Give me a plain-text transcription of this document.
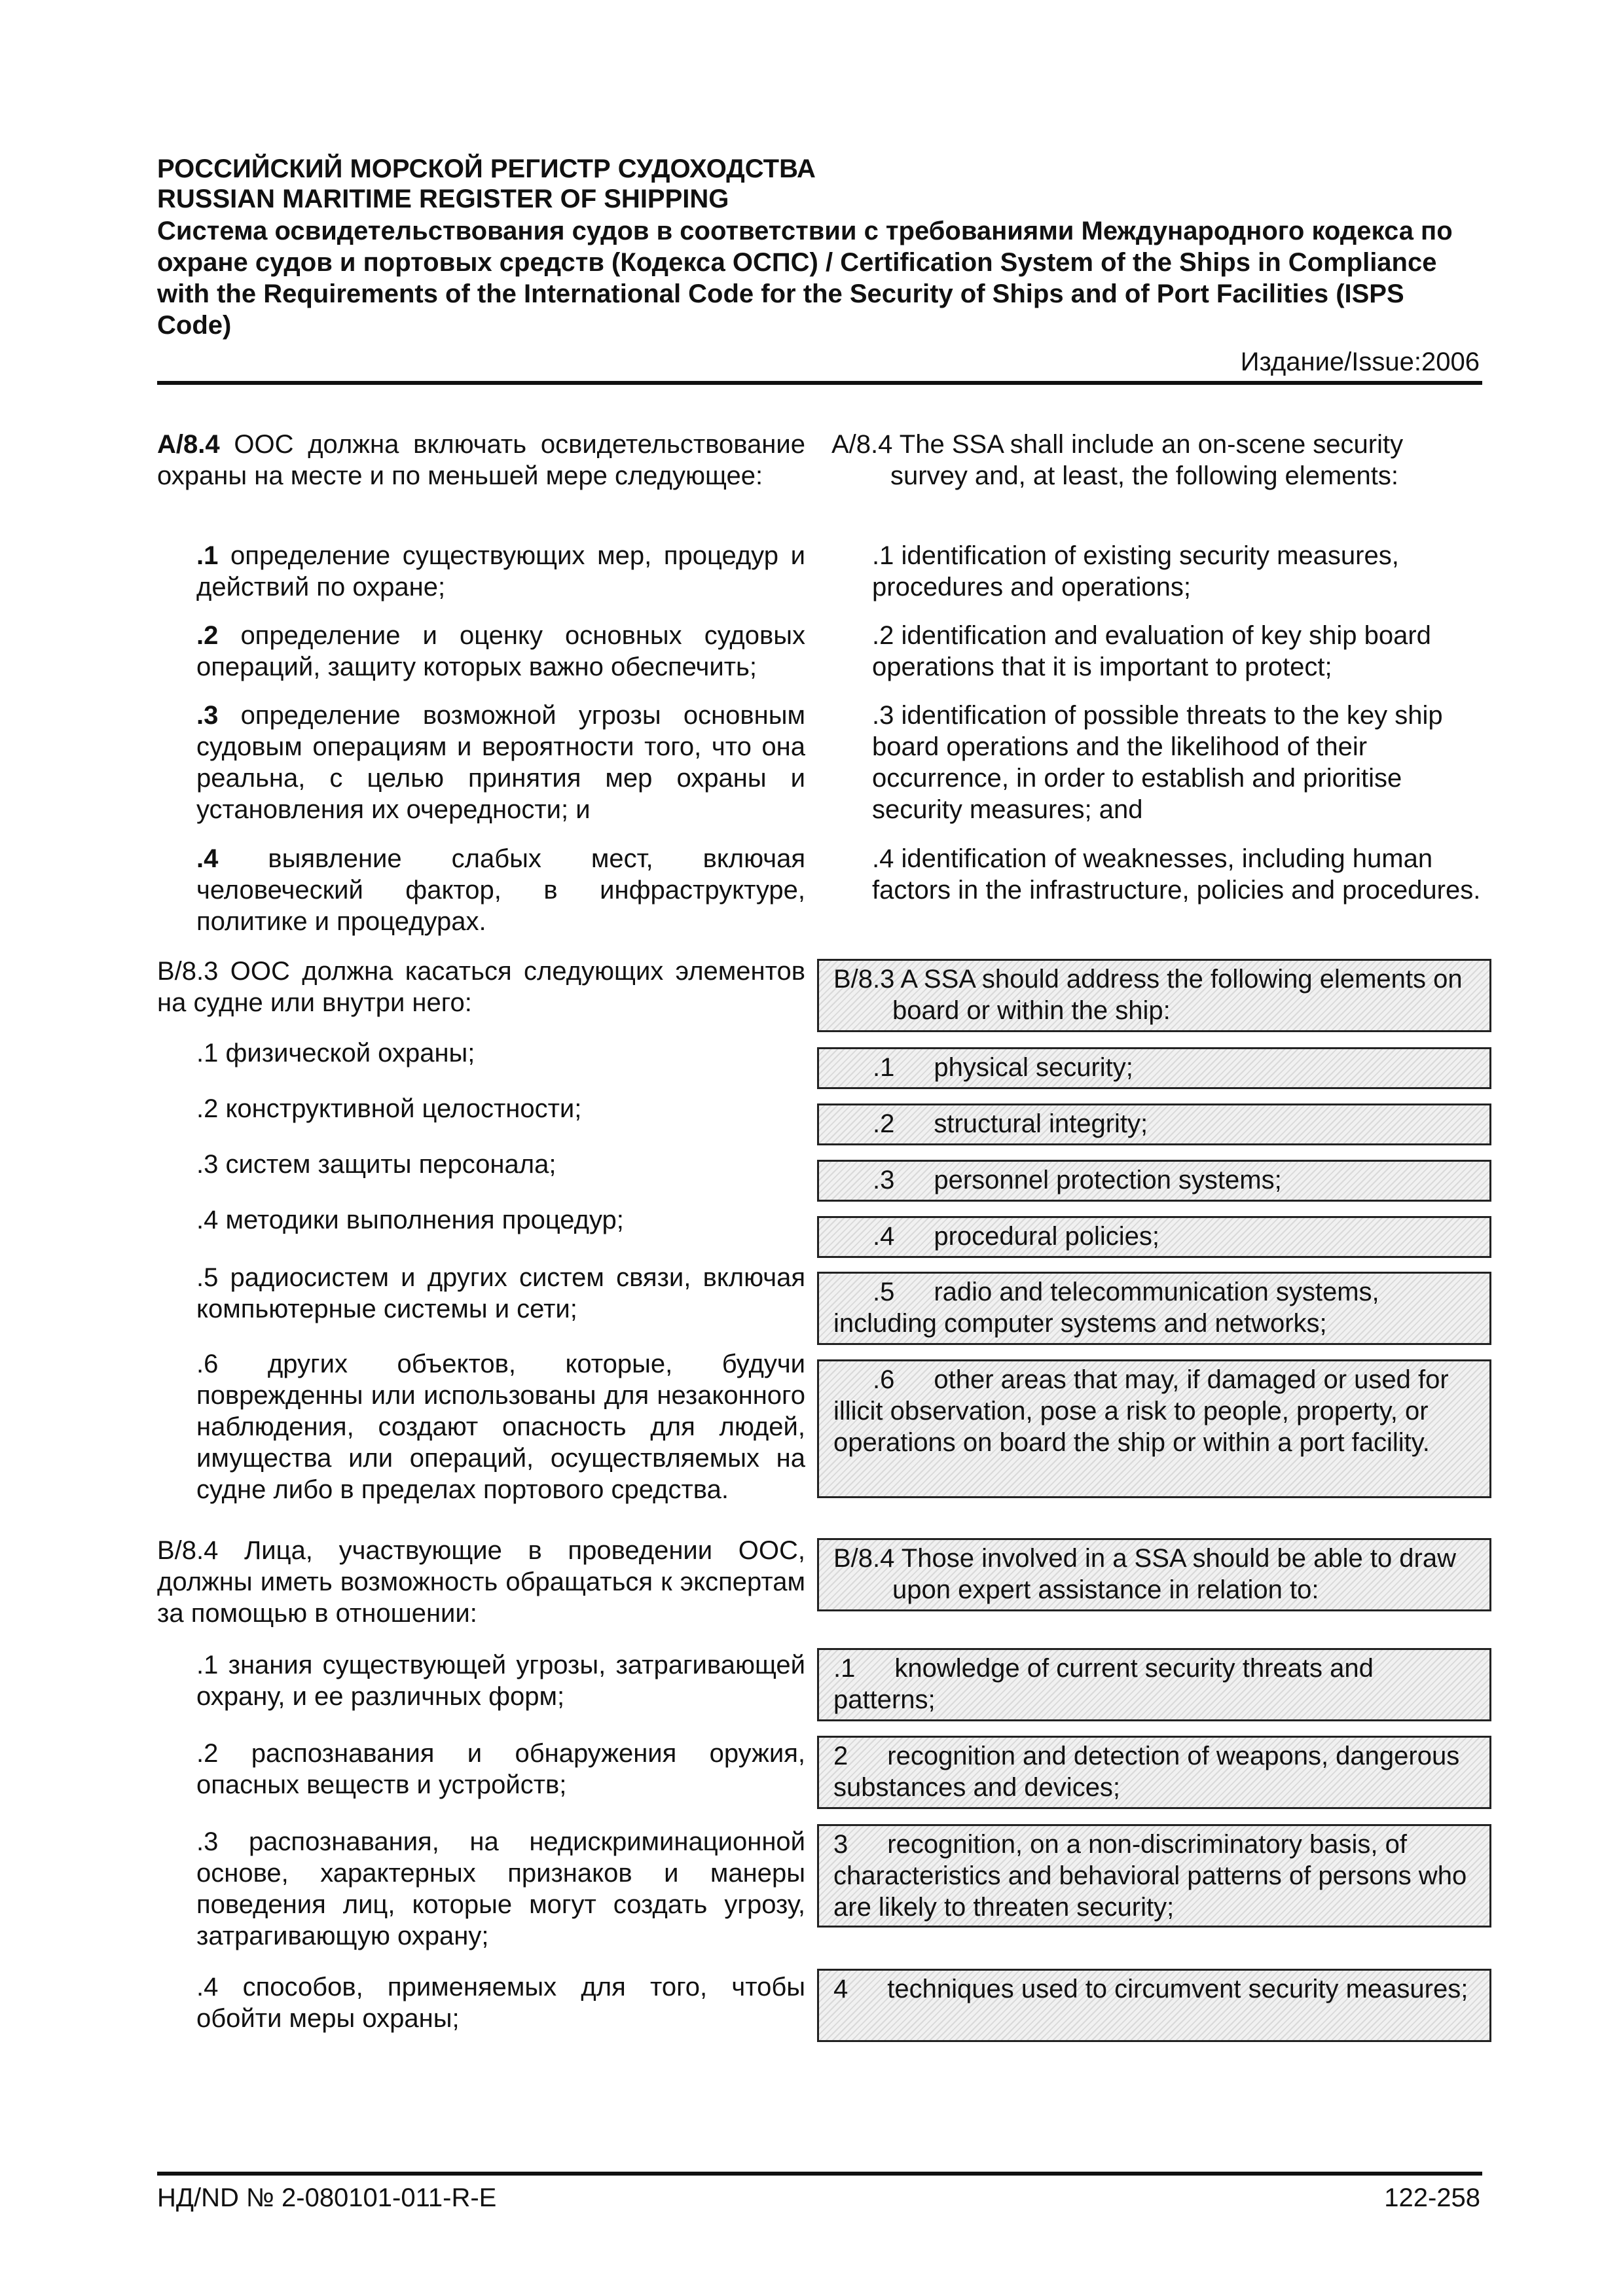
РОССИЙСКИЙ МОРСКОЙ РЕГИСТР СУДОХОДСТВА
RUSSIAN MARITIME REGISTER OF SHIPPING
Система освидетельствования судов в соответствии с требованиями Международного кодекса по охране судов и портовых средств (Кодекса ОСПС) / Certification System of the Ships in Compliance with the Requirements of the International Code for the Security of Ships and of Port Facilities (ISPS Code)
Издание/Issue:2006
А/8.4 ООС должна включать освидетельствование охраны на месте и по меньшей мере следующее:
.1 определение существующих мер, процедур и действий по охране;
.2 определение и оценку основных судовых операций, защиту которых важно обеспечить;
.3 определение возможной угрозы основным судовым операциям и вероятности того, что она реальна, с целью принятия мер охраны и установления их очередности; и
.4 выявление слабых мест, включая человеческий фактор, в инфраструктуре, политике и процедурах.
В/8.3 ООС должна касаться следующих элементов на судне или внутри него:
.1 физической охраны;
.2 конструктивной целостности;
.3 систем защиты персонала;
.4 методики выполнения процедур;
.5 радиосистем и других систем связи, включая компьютерные системы и сети;
.6 других объектов, которые, будучи поврежденны или использованы для незаконного наблюдения, создают опасность для людей, имущества или операций, осуществляемых на судне либо в пределах портового средства.
В/8.4 Лица, участвующие в проведении ООС, должны иметь возможность обращаться к экспертам за помощью в отношении:
.1 знания существующей угрозы, затрагивающей охрану, и ее различных форм;
.2 распознавания и обнаружения оружия, опасных веществ и устройств;
.3 распознавания, на недискриминационной основе, характерных признаков и манеры поведения лиц, которые могут создать угрозу, затрагивающую охрану;
.4 способов, применяемых для того, чтобы обойти меры охраны;
A/8.4 The SSA shall include an on-scene security survey and, at least, the following elements:
.1 identification of existing security measures, procedures and operations;
.2 identification and evaluation of key ship board operations that it is important to protect;
.3 identification of possible threats to the key ship board operations and the likelihood of their occurrence, in order to establish and prioritise security measures; and
.4 identification of weaknesses, including human factors in the infrastructure, policies and procedures.
B/8.3 A SSA should address the following elements on board or within the ship:
.1 physical security;
.2 structural integrity;
.3 personnel protection systems;
.4 procedural policies;
.5 radio and telecommunication systems, including computer systems and networks;
.6 other areas that may, if damaged or used for illicit observation, pose a risk to people, property, or operations on board the ship or within a port facility.
B/8.4 Those involved in a SSA should be able to draw upon expert assistance in relation to:
.1 knowledge of current security threats and patterns;
2 recognition and detection of weapons, dangerous substances and devices;
3 recognition, on a non-discriminatory basis, of characteristics and behavioral patterns of persons who are likely to threaten security;
4 techniques used to circumvent security measures;
НД/ND № 2-080101-011-R-E	122-258
